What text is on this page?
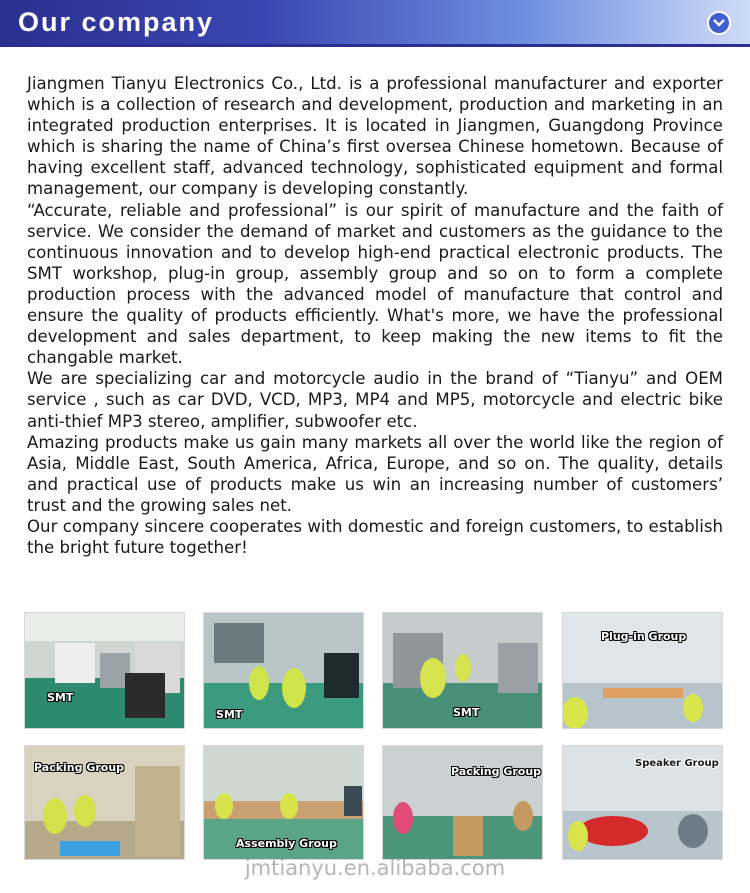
Our company

Jiangmen Tianyu Electronics Co., Ltd. is a professional manufacturer and exporter which is a collection of research and development, production and marketing in an integrated production enterprises. It is located in Jiangmen, Guangdong Province which is sharing the name of China’s first oversea Chinese hometown. Because of having excellent staff, advanced technology, sophisticated equipment and formal management, our company is developing constantly.

“Accurate, reliable and professional” is our spirit of manufacture and the faith of service. We consider the demand of market and customers as the guidance to the continuous innovation and to develop high-end practical electronic products. The SMT workshop, plug-in group, assembly group and so on to form a complete production process with the advanced model of manufacture that control and ensure the quality of products efficiently. What's more, we have the professional development and sales department, to keep making the new items to fit the changable market.

We are specializing car and motorcycle audio in the brand of “Tianyu” and OEM service , such as car DVD, VCD, MP3, MP4 and MP5, motorcycle and electric bike anti-thief MP3 stereo, amplifier, subwoofer etc.

Amazing products make us gain many markets all over the world like the region of Asia, Middle East, South America, Africa, Europe, and so on. The quality, details and practical use of products make us win an increasing number of customers’ trust and the growing sales net.

Our company sincere cooperates with domestic and foreign customers, to establish the bright future together!

SMT
SMT	SMT
Plug-in Group
Packing Group
Assembly Group
Packing Group
Speaker Group
jmtianyu.en.alibaba.com
